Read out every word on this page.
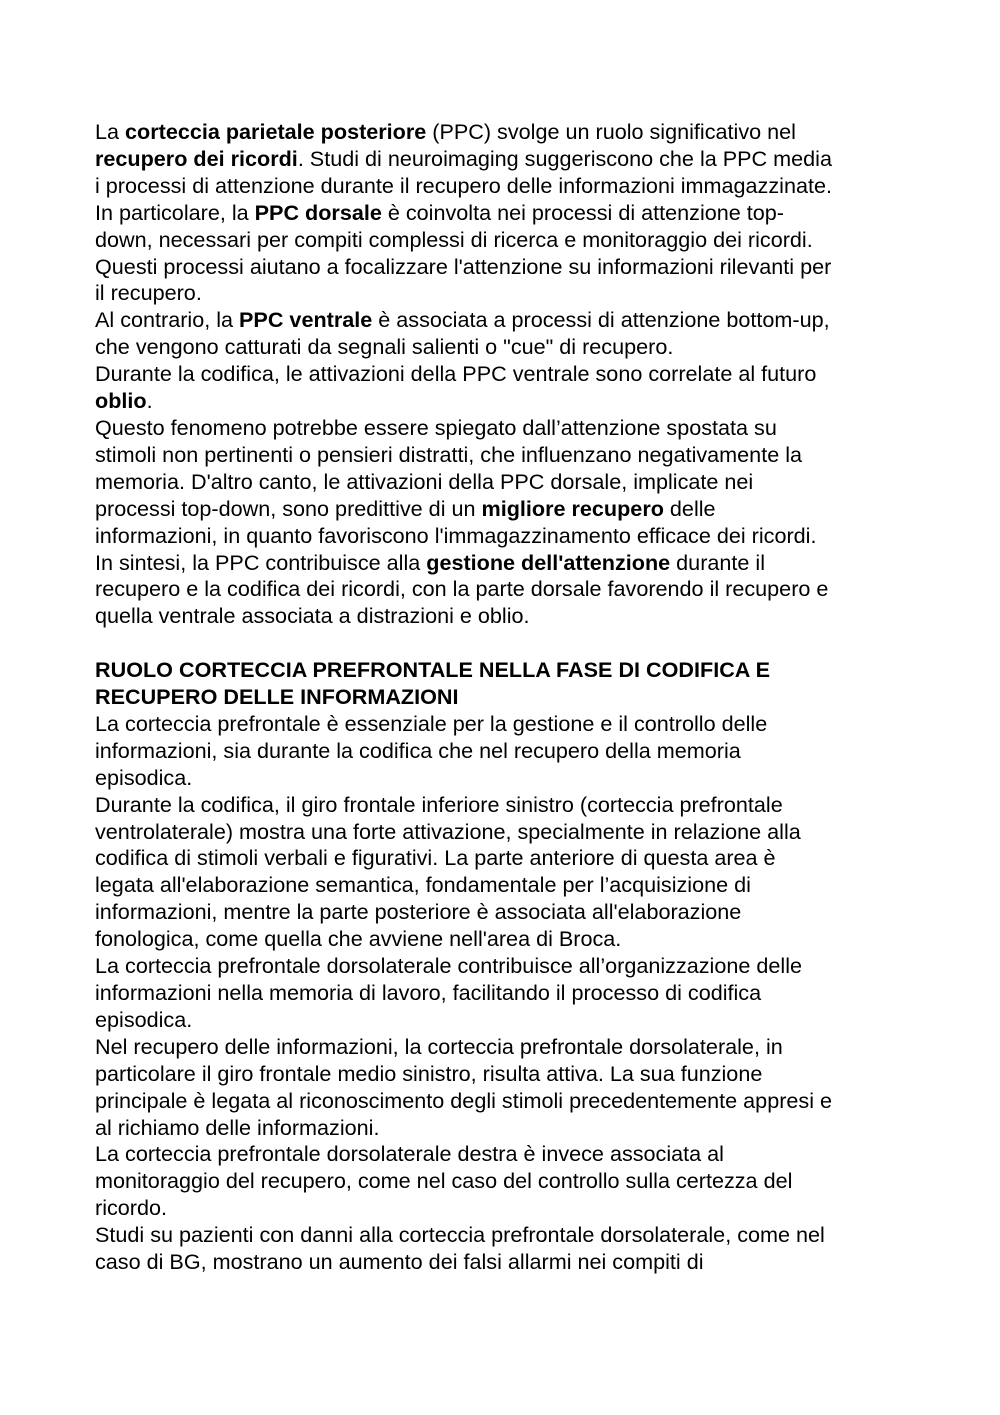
La corteccia parietale posteriore (PPC) svolge un ruolo significativo nel
recupero dei ricordi. Studi di neuroimaging suggeriscono che la PPC media
i processi di attenzione durante il recupero delle informazioni immagazzinate.
In particolare, la PPC dorsale è coinvolta nei processi di attenzione top-
down, necessari per compiti complessi di ricerca e monitoraggio dei ricordi.
Questi processi aiutano a focalizzare l'attenzione su informazioni rilevanti per
il recupero.
Al contrario, la PPC ventrale è associata a processi di attenzione bottom-up,
che vengono catturati da segnali salienti o "cue" di recupero.
Durante la codifica, le attivazioni della PPC ventrale sono correlate al futuro
oblio.
Questo fenomeno potrebbe essere spiegato dall’attenzione spostata su
stimoli non pertinenti o pensieri distratti, che influenzano negativamente la
memoria. D'altro canto, le attivazioni della PPC dorsale, implicate nei
processi top-down, sono predittive di un migliore recupero delle
informazioni, in quanto favoriscono l'immagazzinamento efficace dei ricordi.
In sintesi, la PPC contribuisce alla gestione dell'attenzione durante il
recupero e la codifica dei ricordi, con la parte dorsale favorendo il recupero e
quella ventrale associata a distrazioni e oblio.
RUOLO CORTECCIA PREFRONTALE NELLA FASE DI CODIFICA E
RECUPERO DELLE INFORMAZIONI
La corteccia prefrontale è essenziale per la gestione e il controllo delle
informazioni, sia durante la codifica che nel recupero della memoria
episodica.
Durante la codifica, il giro frontale inferiore sinistro (corteccia prefrontale
ventrolaterale) mostra una forte attivazione, specialmente in relazione alla
codifica di stimoli verbali e figurativi. La parte anteriore di questa area è
legata all'elaborazione semantica, fondamentale per l’acquisizione di
informazioni, mentre la parte posteriore è associata all'elaborazione
fonologica, come quella che avviene nell'area di Broca.
La corteccia prefrontale dorsolaterale contribuisce all’organizzazione delle
informazioni nella memoria di lavoro, facilitando il processo di codifica
episodica.
Nel recupero delle informazioni, la corteccia prefrontale dorsolaterale, in
particolare il giro frontale medio sinistro, risulta attiva. La sua funzione
principale è legata al riconoscimento degli stimoli precedentemente appresi e
al richiamo delle informazioni.
La corteccia prefrontale dorsolaterale destra è invece associata al
monitoraggio del recupero, come nel caso del controllo sulla certezza del
ricordo.
Studi su pazienti con danni alla corteccia prefrontale dorsolaterale, come nel
caso di BG, mostrano un aumento dei falsi allarmi nei compiti di
